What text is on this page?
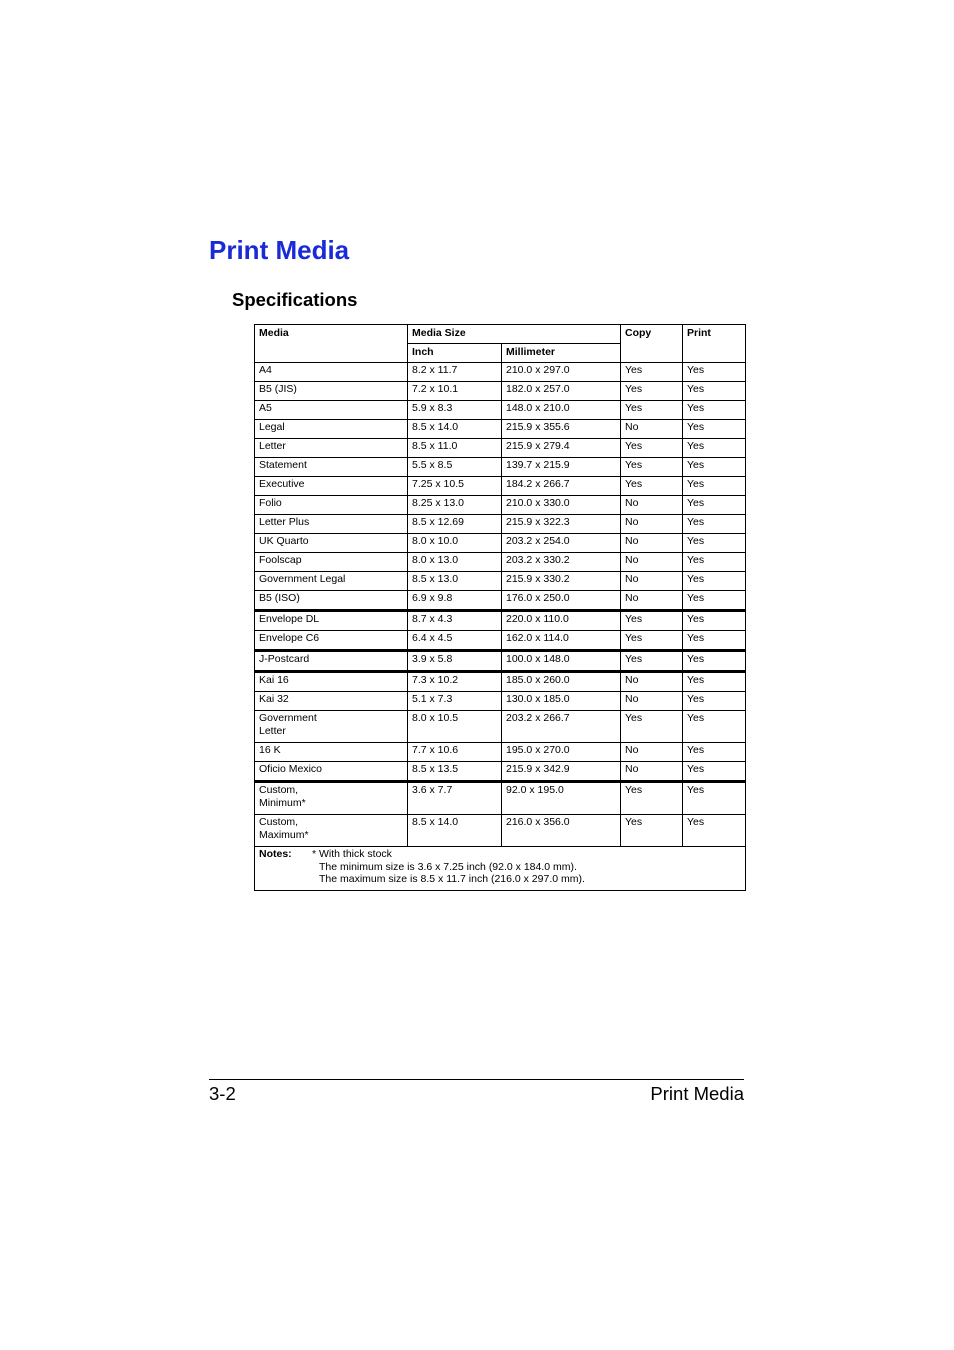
Print Media
Specifications
Media	Media Size		Copy	Print
	Inch	Millimeter		
A4	8.2 x 11.7	210.0 x 297.0	Yes	Yes
B5 (JIS)	7.2 x 10.1	182.0 x 257.0	Yes	Yes
A5	5.9 x 8.3	148.0 x 210.0	Yes	Yes
Legal	8.5 x 14.0	215.9 x 355.6	No	Yes
Letter	8.5 x 11.0	215.9 x 279.4	Yes	Yes
Statement	5.5 x 8.5	139.7 x 215.9	Yes	Yes
Executive	7.25 x 10.5	184.2 x 266.7	Yes	Yes
Folio	8.25 x 13.0	210.0 x 330.0	No	Yes
Letter Plus	8.5 x 12.69	215.9 x 322.3	No	Yes
UK Quarto	8.0 x 10.0	203.2 x 254.0	No	Yes
Foolscap	8.0 x 13.0	203.2 x 330.2	No	Yes
Government Legal	8.5 x 13.0	215.9 x 330.2	No	Yes
B5 (ISO)	6.9 x 9.8	176.0 x 250.0	No	Yes
Envelope DL	8.7 x 4.3	220.0 x 110.0	Yes	Yes
Envelope C6	6.4 x 4.5	162.0 x 114.0	Yes	Yes
J-Postcard	3.9 x 5.8	100.0 x 148.0	Yes	Yes
Kai 16	7.3 x 10.2	185.0 x 260.0	No	Yes
Kai 32	5.1 x 7.3	130.0 x 185.0	No	Yes
Government
Letter	8.0 x 10.5	203.2 x 266.7	Yes	Yes
16 K	7.7 x 10.6	195.0 x 270.0	No	Yes
Oficio Mexico	8.5 x 13.5	215.9 x 342.9	No	Yes
Custom,
Minimum*	3.6 x 7.7	92.0 x 195.0	Yes	Yes
Custom,
Maximum*	8.5 x 14.0	216.0 x 356.0	Yes	Yes

Notes: * With thick stock
The minimum size is 3.6 x 7.25 inch (92.0 x 184.0 mm).
The maximum size is 8.5 x 11.7 inch (216.0 x 297.0 mm).				
3-2	Print Media
